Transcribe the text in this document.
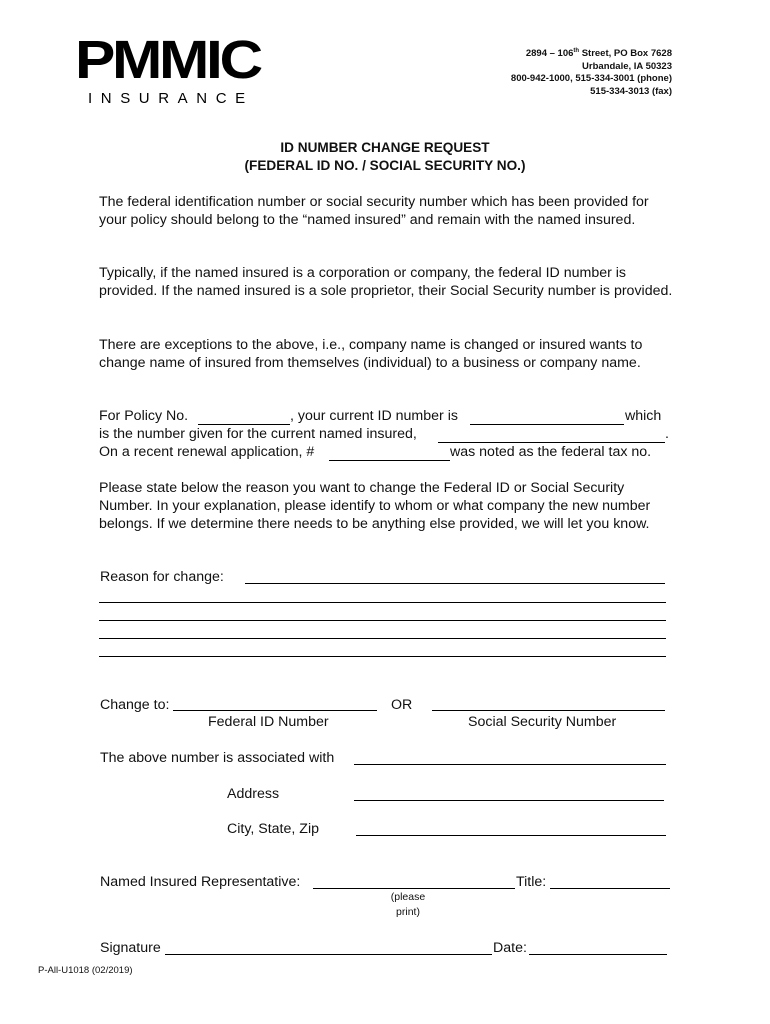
PMMIC
INSURANCE
2894 – 106th Street, PO Box 7628
Urbandale, IA 50323
800-942-1000, 515-334-3001 (phone)
515-334-3013 (fax)
ID NUMBER CHANGE REQUEST
(FEDERAL ID NO. / SOCIAL SECURITY NO.)
The federal identification number or social security number which has been provided for your policy should belong to the “named insured” and remain with the named insured.
Typically, if the named insured is a corporation or company, the federal ID number is provided. If the named insured is a sole proprietor, their Social Security number is provided.
There are exceptions to the above, i.e., company name is changed or insured wants to change name of insured from themselves (individual) to a business or company name.
For Policy No.	, your current ID number is	which
is the number given for the current named insured,	.
On a recent renewal application, #	was noted as the federal tax no.
Please state below the reason you want to change the Federal ID or Social Security Number. In your explanation, please identify to whom or what company the new number belongs. If we determine there needs to be anything else provided, we will let you know.
Reason for change:
Change to:	OR
Federal ID Number	Social Security Number
The above number is associated with
Address
City, State, Zip
Named Insured Representative:	Title:
(please
print)
Signature	Date:
P-All-U1018 (02/2019)
